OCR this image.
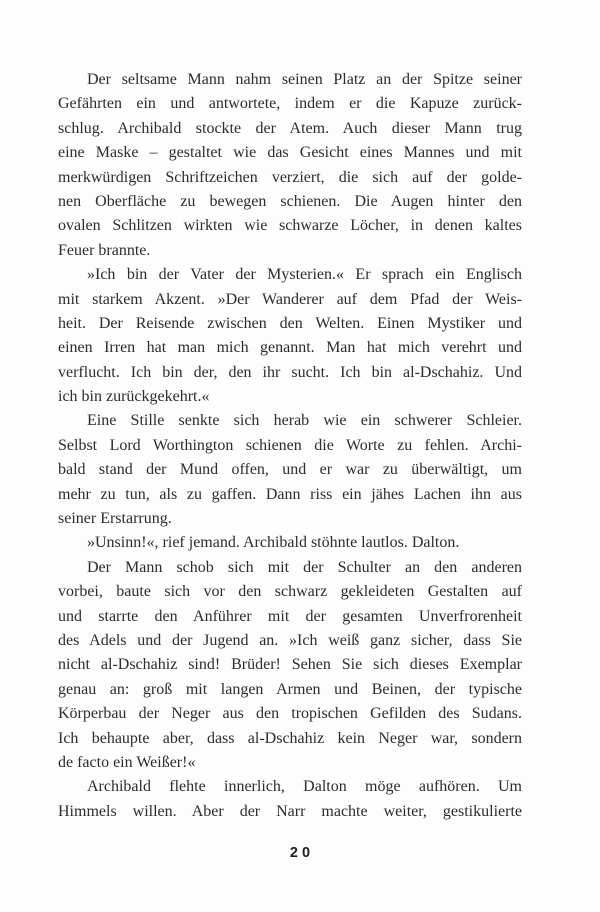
Der seltsame Mann nahm seinen Platz an der Spitze seiner
Gefährten ein und antwortete, indem er die Kapuze zurück-
schlug. Archibald stockte der Atem. Auch dieser Mann trug
eine Maske – gestaltet wie das Gesicht eines Mannes und mit
merkwürdigen Schriftzeichen verziert, die sich auf der golde-
nen Oberfläche zu bewegen schienen. Die Augen hinter den
ovalen Schlitzen wirkten wie schwarze Löcher, in denen kaltes
Feuer brannte.
»Ich bin der Vater der Mysterien.« Er sprach ein Englisch
mit starkem Akzent. »Der Wanderer auf dem Pfad der Weis-
heit. Der Reisende zwischen den Welten. Einen Mystiker und
einen Irren hat man mich genannt. Man hat mich verehrt und
verflucht. Ich bin der, den ihr sucht. Ich bin al-Dschahiz. Und
ich bin zurückgekehrt.«
Eine Stille senkte sich herab wie ein schwerer Schleier.
Selbst Lord Worthington schienen die Worte zu fehlen. Archi-
bald stand der Mund offen, und er war zu überwältigt, um
mehr zu tun, als zu gaffen. Dann riss ein jähes Lachen ihn aus
seiner Erstarrung.
»Unsinn!«, rief jemand. Archibald stöhnte lautlos. Dalton.
Der Mann schob sich mit der Schulter an den anderen
vorbei, baute sich vor den schwarz gekleideten Gestalten auf
und starrte den Anführer mit der gesamten Unverfrorenheit
des Adels und der Jugend an. »Ich weiß ganz sicher, dass Sie
nicht al-Dschahiz sind! Brüder! Sehen Sie sich dieses Exemplar
genau an: groß mit langen Armen und Beinen, der typische
Körperbau der Neger aus den tropischen Gefilden des Sudans.
Ich behaupte aber, dass al-Dschahiz kein Neger war, sondern
de facto ein Weißer!«
Archibald flehte innerlich, Dalton möge aufhören. Um
Himmels willen. Aber der Narr machte weiter, gestikulierte
20
